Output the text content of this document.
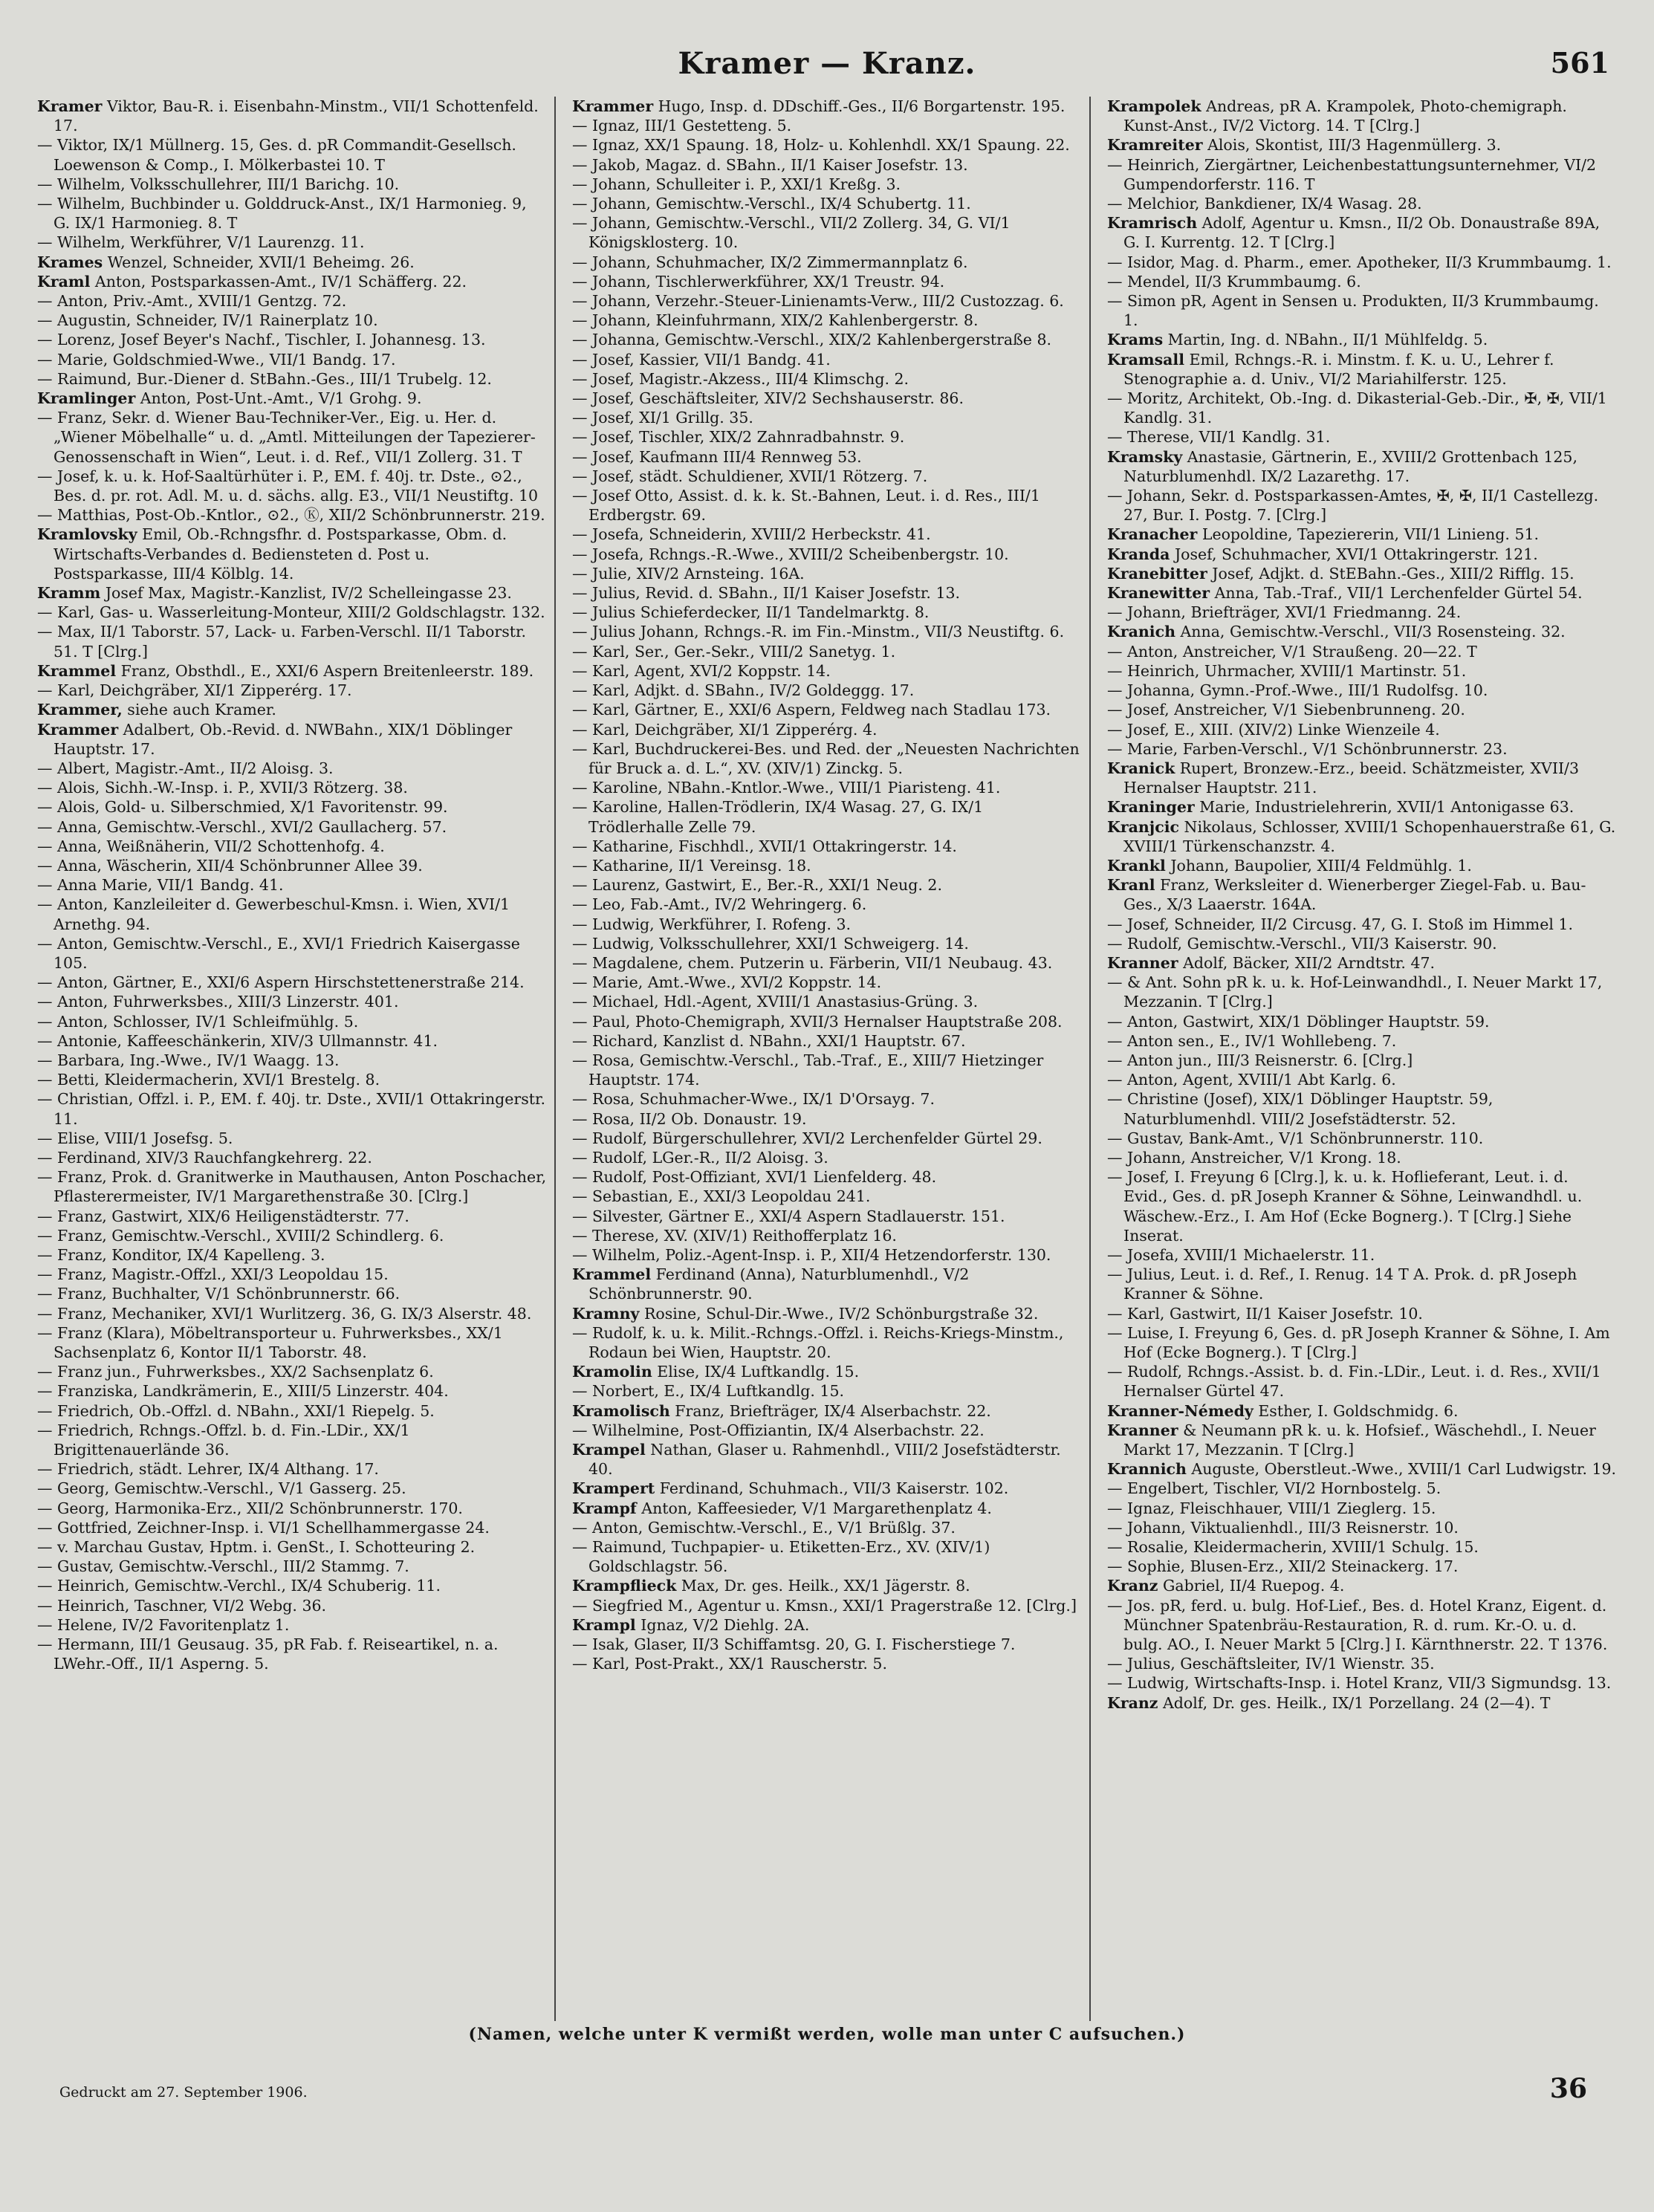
Kramer — Kranz.	561

Kramer Viktor, Bau-R. i. Eisenbahn-Minstm., VII/1 Schottenfeld. 17.

— Viktor, IX/1 Müllnerg. 15, Ges. d. pR Commandit-Gesellsch. Loewenson & Comp., I. Mölkerbastei 10. T

— Wilhelm, Volksschullehrer, III/1 Barichg. 10.

— Wilhelm, Buchbinder u. Golddruck-Anst., IX/1 Harmonieg. 9, G. IX/1 Harmonieg. 8. T

— Wilhelm, Werkführer, V/1 Laurenzg. 11.

Krames Wenzel, Schneider, XVII/1 Beheimg. 26.

Kraml Anton, Postsparkassen-Amt., IV/1 Schäfferg. 22.

— Anton, Priv.-Amt., XVIII/1 Gentzg. 72.

— Augustin, Schneider, IV/1 Rainerplatz 10.

— Lorenz, Josef Beyer's Nachf., Tischler, I. Johannesg. 13.

— Marie, Goldschmied-Wwe., VII/1 Bandg. 17.

— Raimund, Bur.-Diener d. StBahn.-Ges., III/1 Trubelg. 12.

Kramlinger Anton, Post-Unt.-Amt., V/1 Grohg. 9.

— Franz, Sekr. d. Wiener Bau-Techniker-Ver., Eig. u. Her. d. „Wiener Möbelhalle“ u. d. „Amtl. Mitteilungen der Tapezierer-Genossenschaft in Wien“, Leut. i. d. Ref., VII/1 Zollerg. 31. T

— Josef, k. u. k. Hof-Saaltürhüter i. P., EM. f. 40j. tr. Dste., ⊙2., Bes. d. pr. rot. Adl. M. u. d. sächs. allg. E3., VII/1 Neustiftg. 10

— Matthias, Post-Ob.-Kntlor., ⊙2., Ⓚ, XII/2 Schönbrunnerstr. 219.

Kramlovsky Emil, Ob.-Rchngsfhr. d. Postsparkasse, Obm. d. Wirtschafts-Verbandes d. Bediensteten d. Post u. Postsparkasse, III/4 Kölblg. 14.

Kramm Josef Max, Magistr.-Kanzlist, IV/2 Schelleingasse 23.

— Karl, Gas- u. Wasserleitung-Monteur, XIII/2 Goldschlagstr. 132.

— Max, II/1 Taborstr. 57, Lack- u. Farben-Verschl. II/1 Taborstr. 51. T [Clrg.]

Krammel Franz, Obsthdl., E., XXI/6 Aspern Breitenleerstr. 189.

— Karl, Deichgräber, XI/1 Zipperérg. 17.

Krammer, siehe auch Kramer.

Krammer Adalbert, Ob.-Revid. d. NWBahn., XIX/1 Döblinger Hauptstr. 17.

— Albert, Magistr.-Amt., II/2 Aloisg. 3.

— Alois, Sichh.-W.-Insp. i. P., XVII/3 Rötzerg. 38.

— Alois, Gold- u. Silberschmied, X/1 Favoritenstr. 99.

— Anna, Gemischtw.-Verschl., XVI/2 Gaullacherg. 57.

— Anna, Weißnäherin, VII/2 Schottenhofg. 4.

— Anna, Wäscherin, XII/4 Schönbrunner Allee 39.

— Anna Marie, VII/1 Bandg. 41.

— Anton, Kanzleileiter d. Gewerbeschul-Kmsn. i. Wien, XVI/1 Arnethg. 94.

— Anton, Gemischtw.-Verschl., E., XVI/1 Friedrich Kaisergasse 105.

— Anton, Gärtner, E., XXI/6 Aspern Hirschstettenerstraße 214.

— Anton, Fuhrwerksbes., XIII/3 Linzerstr. 401.

— Anton, Schlosser, IV/1 Schleifmühlg. 5.

— Antonie, Kaffeeschänkerin, XIV/3 Ullmannstr. 41.

— Barbara, Ing.-Wwe., IV/1 Waagg. 13.

— Betti, Kleidermacherin, XVI/1 Brestelg. 8.

— Christian, Offzl. i. P., EM. f. 40j. tr. Dste., XVII/1 Ottakringerstr. 11.

— Elise, VIII/1 Josefsg. 5.

— Ferdinand, XIV/3 Rauchfangkehrerg. 22.

— Franz, Prok. d. Granitwerke in Mauthausen, Anton Poschacher, Pflasterermeister, IV/1 Margarethenstraße 30. [Clrg.]

— Franz, Gastwirt, XIX/6 Heiligenstädterstr. 77.

— Franz, Gemischtw.-Verschl., XVIII/2 Schindlerg. 6.

— Franz, Konditor, IX/4 Kapelleng. 3.

— Franz, Magistr.-Offzl., XXI/3 Leopoldau 15.

— Franz, Buchhalter, V/1 Schönbrunnerstr. 66.

— Franz, Mechaniker, XVI/1 Wurlitzerg. 36, G. IX/3 Alserstr. 48.

— Franz (Klara), Möbeltransporteur u. Fuhrwerksbes., XX/1 Sachsenplatz 6, Kontor II/1 Taborstr. 48.

— Franz jun., Fuhrwerksbes., XX/2 Sachsenplatz 6.

— Franziska, Landkrämerin, E., XIII/5 Linzerstr. 404.

— Friedrich, Ob.-Offzl. d. NBahn., XXI/1 Riepelg. 5.

— Friedrich, Rchngs.-Offzl. b. d. Fin.-LDir., XX/1 Brigittenauerlände 36.

— Friedrich, städt. Lehrer, IX/4 Althang. 17.

— Georg, Gemischtw.-Verschl., V/1 Gasserg. 25.

— Georg, Harmonika-Erz., XII/2 Schönbrunnerstr. 170.

— Gottfried, Zeichner-Insp. i. VI/1 Schellhammergasse 24.

— v. Marchau Gustav, Hptm. i. GenSt., I. Schotteuring 2.

— Gustav, Gemischtw.-Verschl., III/2 Stammg. 7.

— Heinrich, Gemischtw.-Verchl., IX/4 Schuberig. 11.

— Heinrich, Taschner, VI/2 Webg. 36.

— Helene, IV/2 Favoritenplatz 1.

— Hermann, III/1 Geusaug. 35, pR Fab. f. Reiseartikel, n. a. LWehr.-Off., II/1 Asperng. 5.

Krammer Hugo, Insp. d. DDschiff.-Ges., II/6 Borgartenstr. 195.

— Ignaz, III/1 Gestetteng. 5.

— Ignaz, XX/1 Spaung. 18, Holz- u. Kohlenhdl. XX/1 Spaung. 22.

— Jakob, Magaz. d. SBahn., II/1 Kaiser Josefstr. 13.

— Johann, Schulleiter i. P., XXI/1 Kreßg. 3.

— Johann, Gemischtw.-Verschl., IX/4 Schubertg. 11.

— Johann, Gemischtw.-Verschl., VII/2 Zollerg. 34, G. VI/1 Königsklosterg. 10.

— Johann, Schuhmacher, IX/2 Zimmermannplatz 6.

— Johann, Tischlerwerkführer, XX/1 Treustr. 94.

— Johann, Verzehr.-Steuer-Linienamts-Verw., III/2 Custozzag. 6.

— Johann, Kleinfuhrmann, XIX/2 Kahlenbergerstr. 8.

— Johanna, Gemischtw.-Verschl., XIX/2 Kahlenbergerstraße 8.

— Josef, Kassier, VII/1 Bandg. 41.

— Josef, Magistr.-Akzess., III/4 Klimschg. 2.

— Josef, Geschäftsleiter, XIV/2 Sechshauserstr. 86.

— Josef, XI/1 Grillg. 35.

— Josef, Tischler, XIX/2 Zahnradbahnstr. 9.

— Josef, Kaufmann III/4 Rennweg 53.

— Josef, städt. Schuldiener, XVII/1 Rötzerg. 7.

— Josef Otto, Assist. d. k. k. St.-Bahnen, Leut. i. d. Res., III/1 Erdbergstr. 69.

— Josefa, Schneiderin, XVIII/2 Herbeckstr. 41.

— Josefa, Rchngs.-R.-Wwe., XVIII/2 Scheibenbergstr. 10.

— Julie, XIV/2 Arnsteing. 16A.

— Julius, Revid. d. SBahn., II/1 Kaiser Josefstr. 13.

— Julius Schieferdecker, II/1 Tandelmarktg. 8.

— Julius Johann, Rchngs.-R. im Fin.-Minstm., VII/3 Neustiftg. 6.

— Karl, Ser., Ger.-Sekr., VIII/2 Sanetyg. 1.

— Karl, Agent, XVI/2 Koppstr. 14.

— Karl, Adjkt. d. SBahn., IV/2 Goldeggg. 17.

— Karl, Gärtner, E., XXI/6 Aspern, Feldweg nach Stadlau 173.

— Karl, Deichgräber, XI/1 Zipperérg. 4.

— Karl, Buchdruckerei-Bes. und Red. der „Neuesten Nachrichten für Bruck a. d. L.“, XV. (XIV/1) Zinckg. 5.

— Karoline, NBahn.-Kntlor.-Wwe., VIII/1 Piaristeng. 41.

— Karoline, Hallen-Trödlerin, IX/4 Wasag. 27, G. IX/1 Trödlerhalle Zelle 79.

— Katharine, Fischhdl., XVII/1 Ottakringerstr. 14.

— Katharine, II/1 Vereinsg. 18.

— Laurenz, Gastwirt, E., Ber.-R., XXI/1 Neug. 2.

— Leo, Fab.-Amt., IV/2 Wehringerg. 6.

— Ludwig, Werkführer, I. Rofeng. 3.

— Ludwig, Volksschullehrer, XXI/1 Schweigerg. 14.

— Magdalene, chem. Putzerin u. Färberin, VII/1 Neubaug. 43.

— Marie, Amt.-Wwe., XVI/2 Koppstr. 14.

— Michael, Hdl.-Agent, XVIII/1 Anastasius-Grüng. 3.

— Paul, Photo-Chemigraph, XVII/3 Hernalser Hauptstraße 208.

— Richard, Kanzlist d. NBahn., XXI/1 Hauptstr. 67.

— Rosa, Gemischtw.-Verschl., Tab.-Traf., E., XIII/7 Hietzinger Hauptstr. 174.

— Rosa, Schuhmacher-Wwe., IX/1 D'Orsayg. 7.

— Rosa, II/2 Ob. Donaustr. 19.

— Rudolf, Bürgerschullehrer, XVI/2 Lerchenfelder Gürtel 29.

— Rudolf, LGer.-R., II/2 Aloisg. 3.

— Rudolf, Post-Offiziant, XVI/1 Lienfelderg. 48.

— Sebastian, E., XXI/3 Leopoldau 241.

— Silvester, Gärtner E., XXI/4 Aspern Stadlauerstr. 151.

— Therese, XV. (XIV/1) Reithofferplatz 16.

— Wilhelm, Poliz.-Agent-Insp. i. P., XII/4 Hetzendorferstr. 130.

Krammel Ferdinand (Anna), Naturblumenhdl., V/2 Schönbrunnerstr. 90.

Kramny Rosine, Schul-Dir.-Wwe., IV/2 Schönburgstraße 32.

— Rudolf, k. u. k. Milit.-Rchngs.-Offzl. i. Reichs-Kriegs-Minstm., Rodaun bei Wien, Hauptstr. 20.

Kramolin Elise, IX/4 Luftkandlg. 15.

— Norbert, E., IX/4 Luftkandlg. 15.

Kramolisch Franz, Briefträger, IX/4 Alserbachstr. 22.

— Wilhelmine, Post-Offiziantin, IX/4 Alserbachstr. 22.

Krampel Nathan, Glaser u. Rahmenhdl., VIII/2 Josefstädterstr. 40.

Krampert Ferdinand, Schuhmach., VII/3 Kaiserstr. 102.

Krampf Anton, Kaffeesieder, V/1 Margarethenplatz 4.

— Anton, Gemischtw.-Verschl., E., V/1 Brüßlg. 37.

— Raimund, Tuchpapier- u. Etiketten-Erz., XV. (XIV/1) Goldschlagstr. 56.

Krampflieck Max, Dr. ges. Heilk., XX/1 Jägerstr. 8.

— Siegfried M., Agentur u. Kmsn., XXI/1 Pragerstraße 12. [Clrg.]

Krampl Ignaz, V/2 Diehlg. 2A.

— Isak, Glaser, II/3 Schiffamtsg. 20, G. I. Fischerstiege 7.

— Karl, Post-Prakt., XX/1 Rauscherstr. 5.

Krampolek Andreas, pR A. Krampolek, Photo-chemigraph. Kunst-Anst., IV/2 Victorg. 14. T [Clrg.]

Kramreiter Alois, Skontist, III/3 Hagenmüllerg. 3.

— Heinrich, Ziergärtner, Leichenbestattungsunternehmer, VI/2 Gumpendorferstr. 116. T

— Melchior, Bankdiener, IX/4 Wasag. 28.

Kramrisch Adolf, Agentur u. Kmsn., II/2 Ob. Donaustraße 89A, G. I. Kurrentg. 12. T [Clrg.]

— Isidor, Mag. d. Pharm., emer. Apotheker, II/3 Krummbaumg. 1.

— Mendel, II/3 Krummbaumg. 6.

— Simon pR, Agent in Sensen u. Produkten, II/3 Krummbaumg. 1.

Krams Martin, Ing. d. NBahn., II/1 Mühlfeldg. 5.

Kramsall Emil, Rchngs.-R. i. Minstm. f. K. u. U., Lehrer f. Stenographie a. d. Univ., VI/2 Mariahilferstr. 125.

— Moritz, Architekt, Ob.-Ing. d. Dikasterial-Geb.-Dir., ✠, ✠, VII/1 Kandlg. 31.

— Therese, VII/1 Kandlg. 31.

Kramsky Anastasie, Gärtnerin, E., XVIII/2 Grottenbach 125, Naturblumenhdl. IX/2 Lazarethg. 17.

— Johann, Sekr. d. Postsparkassen-Amtes, ✠, ✠, II/1 Castellezg. 27, Bur. I. Postg. 7. [Clrg.]

Kranacher Leopoldine, Tapeziererin, VII/1 Linieng. 51.

Kranda Josef, Schuhmacher, XVI/1 Ottakringerstr. 121.

Kranebitter Josef, Adjkt. d. StEBahn.-Ges., XIII/2 Rifflg. 15.

Kranewitter Anna, Tab.-Traf., VII/1 Lerchenfelder Gürtel 54.

— Johann, Briefträger, XVI/1 Friedmanng. 24.

Kranich Anna, Gemischtw.-Verschl., VII/3 Rosensteing. 32.

— Anton, Anstreicher, V/1 Straußeng. 20—22. T

— Heinrich, Uhrmacher, XVIII/1 Martinstr. 51.

— Johanna, Gymn.-Prof.-Wwe., III/1 Rudolfsg. 10.

— Josef, Anstreicher, V/1 Siebenbrunneng. 20.

— Josef, E., XIII. (XIV/2) Linke Wienzeile 4.

— Marie, Farben-Verschl., V/1 Schönbrunnerstr. 23.

Kranick Rupert, Bronzew.-Erz., beeid. Schätzmeister, XVII/3 Hernalser Hauptstr. 211.

Kraninger Marie, Industrielehrerin, XVII/1 Antonigasse 63.

Kranjcic Nikolaus, Schlosser, XVIII/1 Schopenhauerstraße 61, G. XVIII/1 Türkenschanzstr. 4.

Krankl Johann, Baupolier, XIII/4 Feldmühlg. 1.

Kranl Franz, Werksleiter d. Wienerberger Ziegel-Fab. u. Bau-Ges., X/3 Laaerstr. 164A.

— Josef, Schneider, II/2 Circusg. 47, G. I. Stoß im Himmel 1.

— Rudolf, Gemischtw.-Verschl., VII/3 Kaiserstr. 90.

Kranner Adolf, Bäcker, XII/2 Arndtstr. 47.

— & Ant. Sohn pR k. u. k. Hof-Leinwandhdl., I. Neuer Markt 17, Mezzanin. T [Clrg.]

— Anton, Gastwirt, XIX/1 Döblinger Hauptstr. 59.

— Anton sen., E., IV/1 Wohllebeng. 7.

— Anton jun., III/3 Reisnerstr. 6. [Clrg.]

— Anton, Agent, XVIII/1 Abt Karlg. 6.

— Christine (Josef), XIX/1 Döblinger Hauptstr. 59, Naturblumenhdl. VIII/2 Josefstädterstr. 52.

— Gustav, Bank-Amt., V/1 Schönbrunnerstr. 110.

— Johann, Anstreicher, V/1 Krong. 18.

— Josef, I. Freyung 6 [Clrg.], k. u. k. Hoflieferant, Leut. i. d. Evid., Ges. d. pR Joseph Kranner & Söhne, Leinwandhdl. u. Wäschew.-Erz., I. Am Hof (Ecke Bognerg.). T [Clrg.] Siehe Inserat.

— Josefa, XVIII/1 Michaelerstr. 11.

— Julius, Leut. i. d. Ref., I. Renug. 14 T A. Prok. d. pR Joseph Kranner & Söhne.

— Karl, Gastwirt, II/1 Kaiser Josefstr. 10.

— Luise, I. Freyung 6, Ges. d. pR Joseph Kranner & Söhne, I. Am Hof (Ecke Bognerg.). T [Clrg.]

— Rudolf, Rchngs.-Assist. b. d. Fin.-LDir., Leut. i. d. Res., XVII/1 Hernalser Gürtel 47.

Kranner-Némedy Esther, I. Goldschmidg. 6.

Kranner & Neumann pR k. u. k. Hofsief., Wäschehdl., I. Neuer Markt 17, Mezzanin. T [Clrg.]

Krannich Auguste, Oberstleut.-Wwe., XVIII/1 Carl Ludwigstr. 19.

— Engelbert, Tischler, VI/2 Hornbostelg. 5.

— Ignaz, Fleischhauer, VIII/1 Zieglerg. 15.

— Johann, Viktualienhdl., III/3 Reisnerstr. 10.

— Rosalie, Kleidermacherin, XVIII/1 Schulg. 15.

— Sophie, Blusen-Erz., XII/2 Steinackerg. 17.

Kranz Gabriel, II/4 Ruepog. 4.

— Jos. pR, ferd. u. bulg. Hof-Lief., Bes. d. Hotel Kranz, Eigent. d. Münchner Spatenbräu-Restauration, R. d. rum. Kr.-O. u. d. bulg. AO., I. Neuer Markt 5 [Clrg.] I. Kärnthnerstr. 22. T 1376.

— Julius, Geschäftsleiter, IV/1 Wienstr. 35.

— Ludwig, Wirtschafts-Insp. i. Hotel Kranz, VII/3 Sigmundsg. 13.

Kranz Adolf, Dr. ges. Heilk., IX/1 Porzellang. 24 (2—4). T

(Namen, welche unter K vermißt werden, wolle man unter C aufsuchen.)
Gedruckt am 27. September 1906.	36
